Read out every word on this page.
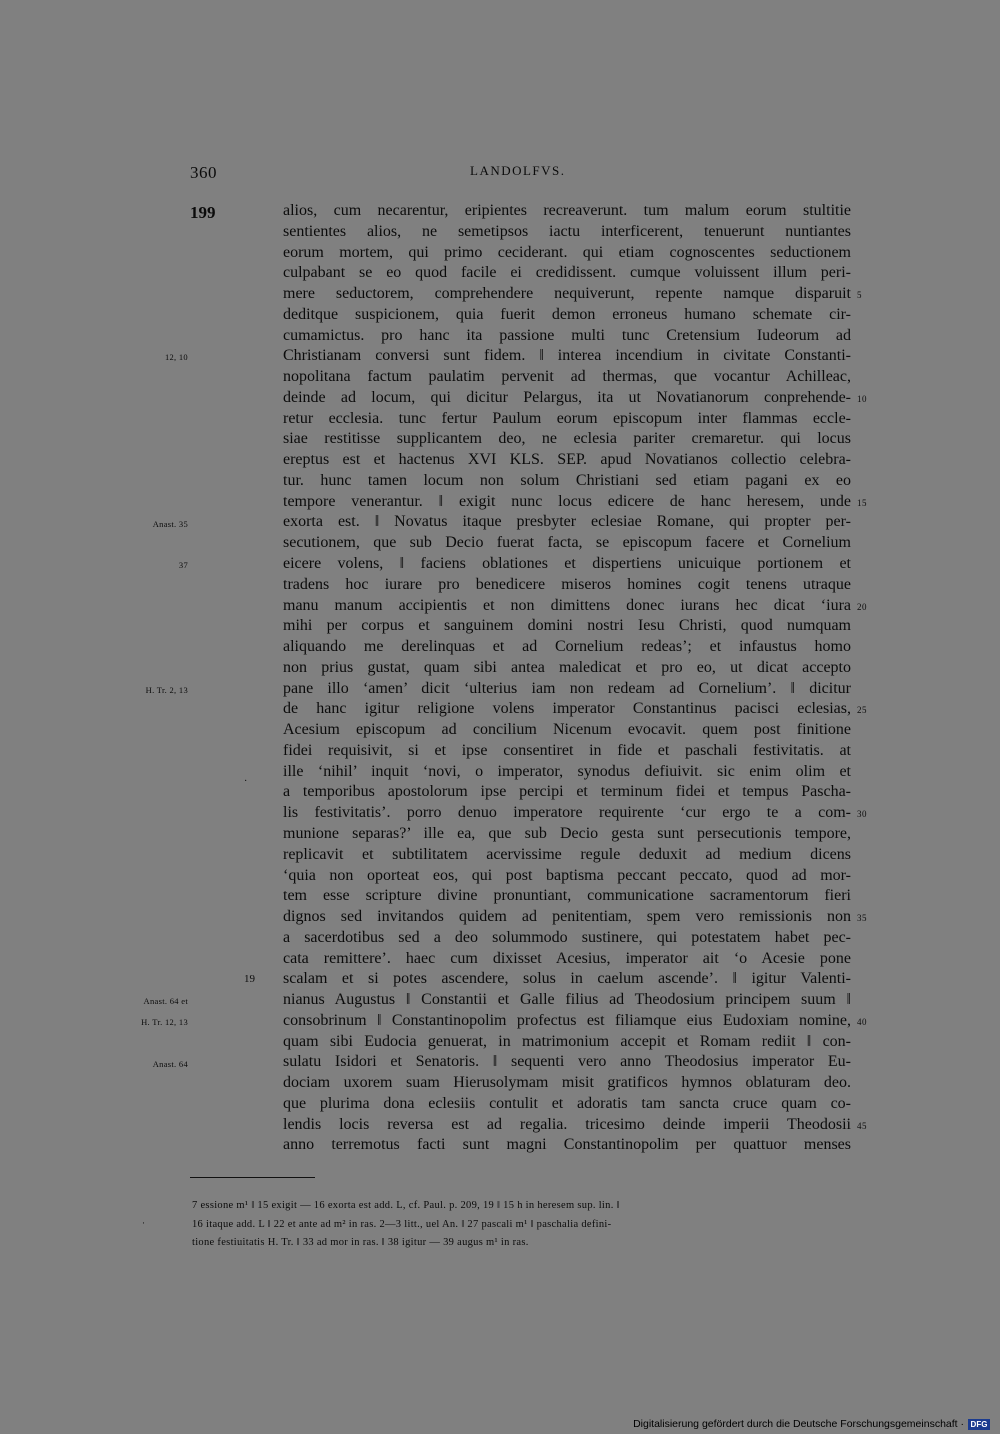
360	LANDOLFVS.
199	alios, cum necarentur, eripientes recreaverunt. tum malum eorum stultitie
sentientes alios, ne semetipsos iactu interficerent, tenuerunt nuntiantes
eorum mortem, qui primo ceciderant. qui etiam cognoscentes seductionem
culpabant se eo quod facile ei credidissent. cumque voluissent illum peri-
mere seductorem, comprehendere nequiverunt, repente namque disparuit
deditque suspicionem, quia fuerit demon erroneus humano schemate cir-
cumamictus. pro hanc ita passione multi tunc Cretensium Iudeorum ad
Christianam conversi sunt fidem. ‖ interea incendium in civitate Constanti-
nopolitana factum paulatim pervenit ad thermas, que vocantur Achilleac,
deinde ad locum, qui dicitur Pelargus, ita ut Novatianorum conprehende-
retur ecclesia. tunc fertur Paulum eorum episcopum inter flammas eccle-
siae restitisse supplicantem deo, ne eclesia pariter cremaretur. qui locus
ereptus est et hactenus XVI KLS. SEP. apud Novatianos collectio celebra-
tur. hunc tamen locum non solum Christiani sed etiam pagani ex eo
tempore venerantur. ‖ exigit nunc locus edicere de hanc heresem, unde
exorta est. ‖ Novatus itaque presbyter eclesiae Romane, qui propter per-
secutionem, que sub Decio fuerat facta, se episcopum facere et Cornelium
eicere volens, ‖ faciens oblationes et dispertiens unicuique portionem et
tradens hoc iurare pro benedicere miseros homines cogit tenens utraque
manu manum accipientis et non dimittens donec iurans hec dicat ‘iura
mihi per corpus et sanguinem domini nostri Iesu Christi, quod numquam
aliquando me derelinquas et ad Cornelium redeas’; et infaustus homo
non prius gustat, quam sibi antea maledicat et pro eo, ut dicat accepto
pane illo ‘amen’ dicit ‘ulterius iam non redeam ad Cornelium’. ‖ dicitur
de hanc igitur religione volens imperator Constantinus pacisci eclesias,
Acesium episcopum ad concilium Nicenum evocavit. quem post finitione
fidei requisivit, si et ipse consentiret in fide et paschali festivitatis. at
ille ‘nihil’ inquit ‘novi, o imperator, synodus defiuivit. sic enim olim et
a temporibus apostolorum ipse percipi et terminum fidei et tempus Pascha-
lis festivitatis’. porro denuo imperatore requirente ‘cur ergo te a com-
munione separas?’ ille ea, que sub Decio gesta sunt persecutionis tempore,
replicavit et subtilitatem acervissime regule deduxit ad medium dicens
‘quia non oporteat eos, qui post baptisma peccant peccato, quod ad mor-
tem esse scripture divine pronuntiant, communicatione sacramentorum fieri
dignos sed invitandos quidem ad penitentiam, spem vero remissionis non
a sacerdotibus sed a deo solummodo sustinere, qui potestatem habet pec-
cata remittere’. haec cum dixisset Acesius, imperator ait ‘o Acesie pone
scalam et si potes ascendere, solus in caelum ascende’. ‖ igitur Valenti-
nianus Augustus ‖ Constantii et Galle filius ad Theodosium principem suum ‖
consobrinum ‖ Constantinopolim profectus est filiamque eius Eudoxiam nomine,
quam sibi Eudocia genuerat, in matrimonium accepit et Romam rediit ‖ con-
sulatu Isidori et Senatoris. ‖ sequenti vero anno Theodosius imperator Eu-
dociam uxorem suam Hierusolymam misit gratificos hymnos oblaturam deo.
que plurima dona eclesiis contulit et adoratis tam sancta cruce quam co-
lendis locis reversa est ad regalia. tricesimo deinde imperii Theodosii
anno terremotus facti sunt magni Constantinopolim per quattuor menses
12, 10
Anast. 35
37
H. Tr. 2, 13
Anast. 64 et
H. Tr. 12, 13
Anast. 64
19
5
10
15
20
25
30
35
40
45
·
7 essione m¹ ‖ 15 exigit — 16 exorta est add. L, cf. Paul. p. 209, 19 ‖ 15 h in heresem sup. lin. ‖
16 itaque add. L ‖ 22 et ante ad m² in ras. 2—3 litt., uel An. ‖ 27 pascali m¹ ‖ paschalia defini-
tione festiuitatis H. Tr. ‖ 33 ad mor in ras. ‖ 38 igitur — 39 augus m¹ in ras.
·
Digitalisierung gefördert durch die Deutsche Forschungsgemeinschaft · DFG
